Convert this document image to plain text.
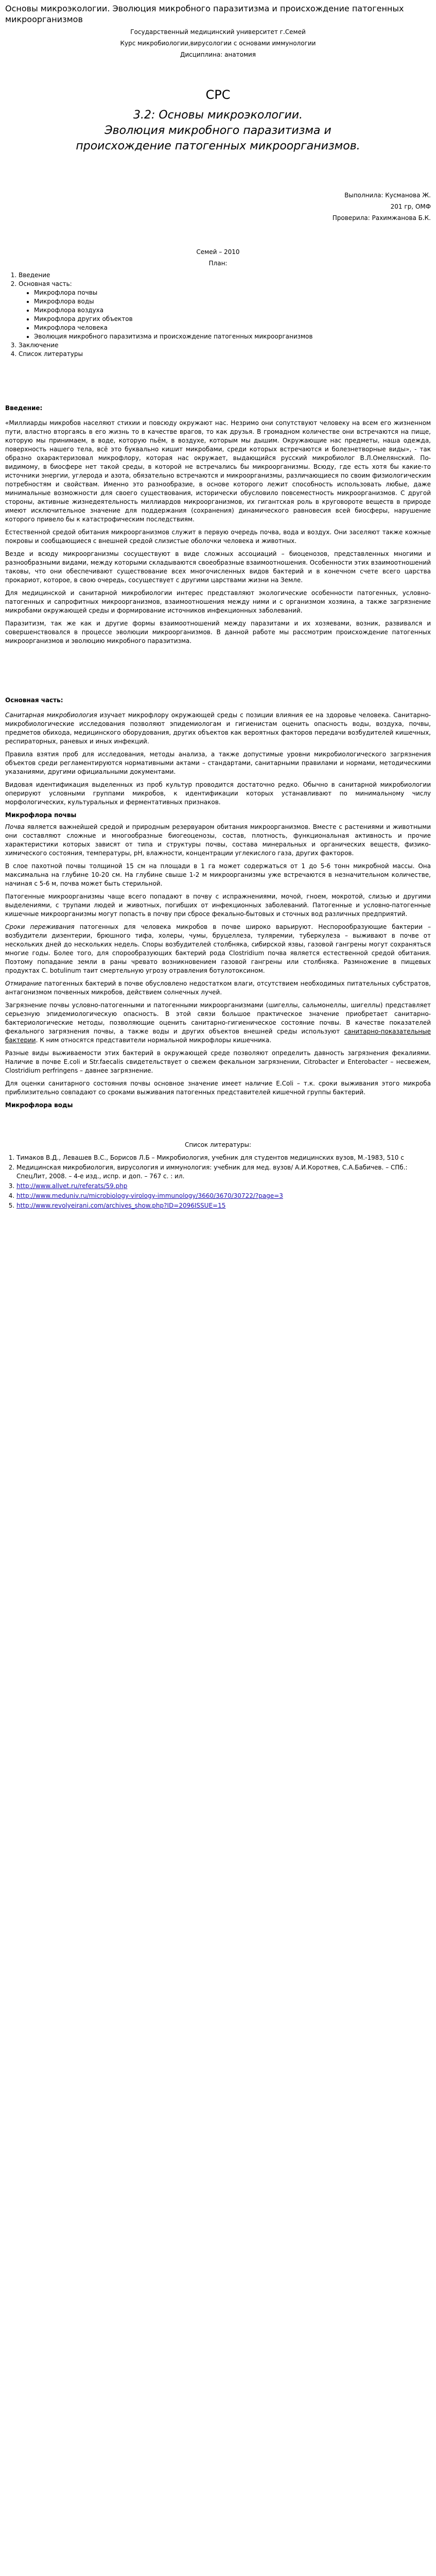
Основы микроэкологии. Эволюция микробного паразитизма и происхождение патогенных микроорганизмов

Государственный медицинский университет г.Семей

Курс микробиологии,вирусологии с основами иммунологии

Дисциплина: анатомия

СРС
3.2: Основы микроэкологии.
Эволюция микробного паразитизма и
происхождение патогенных микроорганизмов.

Выполнила: Кусманова Ж.

201 гр, ОМФ

Проверила: Рахимжанова Б.К.

Семей – 2010

План:

1. Введение
2. Основная часть:
• Микрофлора почвы
• Микрофлора воды
• Микрофлора воздуха
• Микрофлора других объектов
• Микрофлора человека
• Эволюция микробного паразитизма и происхождение патогенных микроорганизмов
3. Заключение
4. Список литературы

Введение:

«Миллиарды микробов населяют стихии и повсюду окружают нас. Незримо они сопутствуют человеку на всем его жизненном пути, властно вторгаясь в его жизнь то в качестве врагов, то как друзья. В громадном количестве они встречаются на пище, которую мы принимаем, в воде, которую пьём, в воздухе, которым мы дышим. Окружающие нас предметы, наша одежда, поверхность нашего тела, всё это буквально кишит микробами, среди которых встречаются и болезнетворные виды», - так образно охарактеризовал микрофлору, которая нас окружает, выдающийся русский микробиолог В.Л.Омелянский. По-видимому, в биосфере нет такой среды, в которой не встречались бы микроорганизмы. Всюду, где есть хотя бы какие-то источники энергии, углерода и азота, обязательно встречаются и микроорганизмы, различающиеся по своим физиологическим потребностям и свойствам. Именно это разнообразие, в основе которого лежит способность использовать любые, даже минимальные возможности для своего существования, исторически обусловило повсеместность микроорганизмов. С другой стороны, активные жизнедеятельность миллиардов микроорганизмов, их гигантская роль в круговороте веществ в природе имеют исключительное значение для поддержания (сохранения) динамического равновесия всей биосферы, нарушение которого привело бы к катастрофическим последствиям.

Естественной средой обитания микроорганизмов служит в первую очередь почва, вода и воздух. Они заселяют также кожные покровы и сообщающиеся с внешней средой слизистые оболочки человека и животных.

Везде и всюду микроорганизмы сосуществуют в виде сложных ассоциаций – биоценозов, представленных многими и разнообразными видами, между которыми складываются своеобразные взаимоотношения. Особенности этих взаимоотношений таковы, что они обеспечивают существование всех многочисленных видов бактерий и в конечном счете всего царства прокариот, которое, в свою очередь, сосуществует с другими царствами жизни на Земле.

Для медицинской и санитарной микробиологии интерес представляют экологические особенности патогенных, условно-патогенных и сапрофитных микроорганизмов, взаимоотношения между ними и с организмом хозяина, а также загрязнение микробами окружающей среды и формирование источников инфекционных заболеваний.

Паразитизм, так же как и другие формы взаимоотношений между паразитами и их хозяевами, возник, развивался и совершенствовался в процессе эволюции микроорганизмов. В данной работе мы рассмотрим происхождение патогенных микроорганизмов и эволюцию микробного паразитизма.

Основная часть:

Санитарная микробиология изучает микрофлору окружающей среды с позиции влияния ее на здоровье человека. Санитарно-микробиологические исследования позволяют эпидемиологам и гигиенистам оценить опасность воды, воздуха, почвы, предметов обихода, медицинского оборудования, других объектов как вероятных факторов передачи возбудителей кишечных, респираторных, раневых и иных инфекций.

Правила взятия проб для исследования, методы анализа, а также допустимые уровни микробиологического загрязнения объектов среди регламентируются нормативными актами – стандартами, санитарными правилами и нормами, методическими указаниями, другими официальными документами.

Видовая идентификация выделенных из проб культур проводится достаточно редко. Обычно в санитарной микробиологии оперируют условными группами микробов, к идентификации которых устанавливают по минимальному числу морфологических, культуральных и ферментативных признаков.

Микрофлора почвы

Почва является важнейшей средой и природным резервуаром обитания микроорганизмов. Вместе с растениями и животными они составляют сложные и многообразные биогеоценозы, состав, плотность, функциональная активность и прочие характеристики которых зависят от типа и структуры почвы, состава минеральных и органических веществ, физико-химического состояния, температуры, pH, влажности, концентрации углекислого газа, других факторов.

В слое пахотной почвы толщиной 15 см на площади в 1 га может содержаться от 1 до 5-6 тонн микробной массы. Она максимальна на глубине 10-20 см. На глубине свыше 1-2 м микроорганизмы уже встречаются в незначительном количестве, начиная с 5-6 м, почва может быть стерильной.

Патогенные микроорганизмы чаще всего попадают в почву с испражнениями, мочой, гноем, мокротой, слизью и другими выделениями, с трупами людей и животных, погибших от инфекционных заболеваний. Патогенные и условно-патогенные кишечные микроорганизмы могут попасть в почву при сбросе фекально-бытовых и сточных вод различных предприятий.

Сроки переживания патогенных для человека микробов в почве широко варьируют. Неспорообразующие бактерии – возбудители дизентерии, брюшного тифа, холеры, чумы, бруцеллеза, туляремии, туберкулеза – выживают в почве от нескольких дней до нескольких недель. Споры возбудителей столбняка, сибирской язвы, газовой гангрены могут сохраняться многие годы. Более того, для спорообразующих бактерий рода Clostridium почва является естественной средой обитания. Поэтому попадание земли в раны чревато возникновением газовой гангрены или столбняка. Размножение в пищевых продуктах C. botulinum таит смертельную угрозу отравления ботулотоксином.

Отмирание патогенных бактерий в почве обусловлено недостатком влаги, отсутствием необходимых питательных субстратов, антагонизмом почвенных микробов, действием солнечных лучей.

Загрязнение почвы условно-патогенными и патогенными микроорганизмами (шигеллы, сальмонеллы, шигеллы) представляет серьезную эпидемиологическую опасность. В этой связи большое практическое значение приобретает санитарно-бактериологические методы, позволяющие оценить санитарно-гигиеническое состояние почвы. В качестве показателей фекального загрязнения почвы, а также воды и других объектов внешней среды используют санитарно-показательные бактерии. К ним относятся представители нормальной микрофлоры кишечника.

Разные виды выживаемости этих бактерий в окружающей среде позволяют определить давность загрязнения фекалиями. Наличие в почве E.coli и Str.faecalis свидетельствует о свежем фекальном загрязнении, Citrobacter и Enterobacter – несвежем, Clostridium perfringens – давнее загрязнение.

Для оценки санитарного состояния почвы основное значение имеет наличие E.Coli – т.к. сроки выживания этого микроба приблизительно совпадают со сроками выживания патогенных представителей кишечной группы бактерий.

Микрофлора воды

Список литературы:

1. Тимаков В.Д., Левашев В.С., Борисов Л.Б – Микробиология, учебник для студентов медицинских вузов, М.-1983, 510 с
2. Медицинская микробиология, вирусология и иммунология: учебник для мед. вузов/ А.И.Коротяев, С.А.Бабичев. – СПб.: СпецЛит, 2008. – 4-е изд., испр. и доп. – 767 с. : ил.
3. http://www.allvet.ru/referats/59.php
4. http://www.meduniv.ru/microbiology-virology-immunology/3660/3670/30722/?page=3
5. http://www.revolyeirani.com/archives_show.php?ID=2096ISSUE=15
